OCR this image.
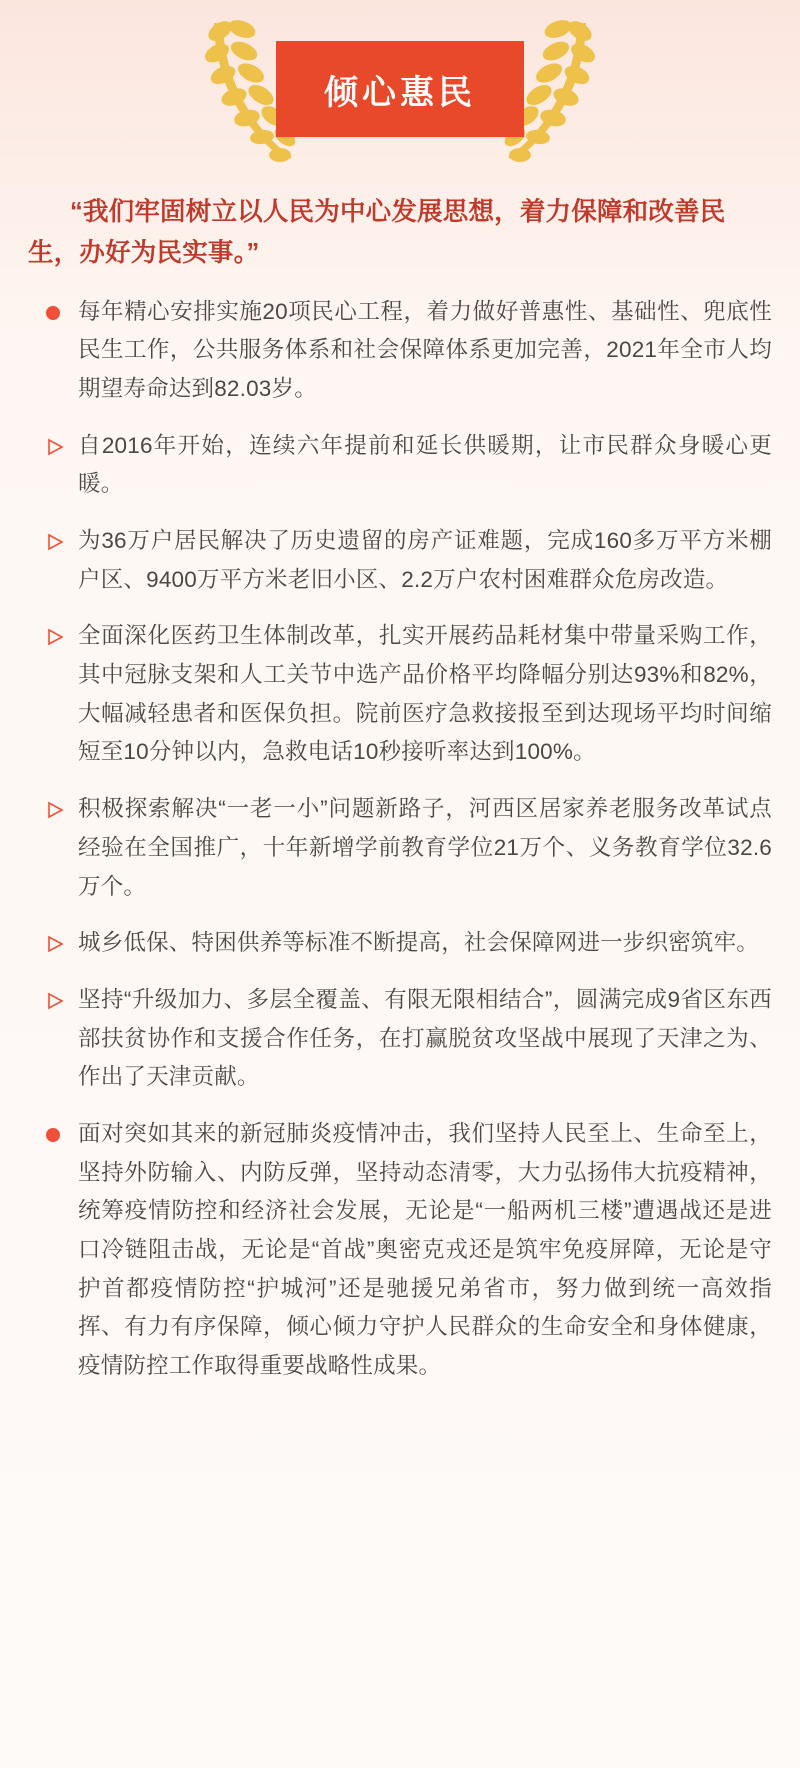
倾心惠民

“我们牢固树立以人民为中心发展思想，着力保障和改善民生，办好为民实事。”

每年精心安排实施20项民心工程，着力做好普惠性、基础性、兜底性民生工作，公共服务体系和社会保障体系更加完善，2021年全市人均期望寿命达到82.03岁。
自2016年开始，连续六年提前和延长供暖期，让市民群众身暖心更暖。
为36万户居民解决了历史遗留的房产证难题，完成160多万平方米棚户区、9400万平方米老旧小区、2.2万户农村困难群众危房改造。
全面深化医药卫生体制改革，扎实开展药品耗材集中带量采购工作，其中冠脉支架和人工关节中选产品价格平均降幅分别达93%和82%，大幅减轻患者和医保负担。院前医疗急救接报至到达现场平均时间缩短至10分钟以内，急救电话10秒接听率达到100%。
积极探索解决“一老一小”问题新路子，河西区居家养老服务改革试点经验在全国推广，十年新增学前教育学位21万个、义务教育学位32.6万个。
城乡低保、特困供养等标准不断提高，社会保障网进一步织密筑牢。
坚持“升级加力、多层全覆盖、有限无限相结合”，圆满完成9省区东西部扶贫协作和支援合作任务，在打赢脱贫攻坚战中展现了天津之为、作出了天津贡献。
面对突如其来的新冠肺炎疫情冲击，我们坚持人民至上、生命至上，坚持外防输入、内防反弹，坚持动态清零，大力弘扬伟大抗疫精神，统筹疫情防控和经济社会发展，无论是“一船两机三楼”遭遇战还是进口冷链阻击战，无论是“首战”奥密克戎还是筑牢免疫屏障，无论是守护首都疫情防控“护城河”还是驰援兄弟省市，努力做到统一高效指挥、有力有序保障，倾心倾力守护人民群众的生命安全和身体健康，疫情防控工作取得重要战略性成果。
